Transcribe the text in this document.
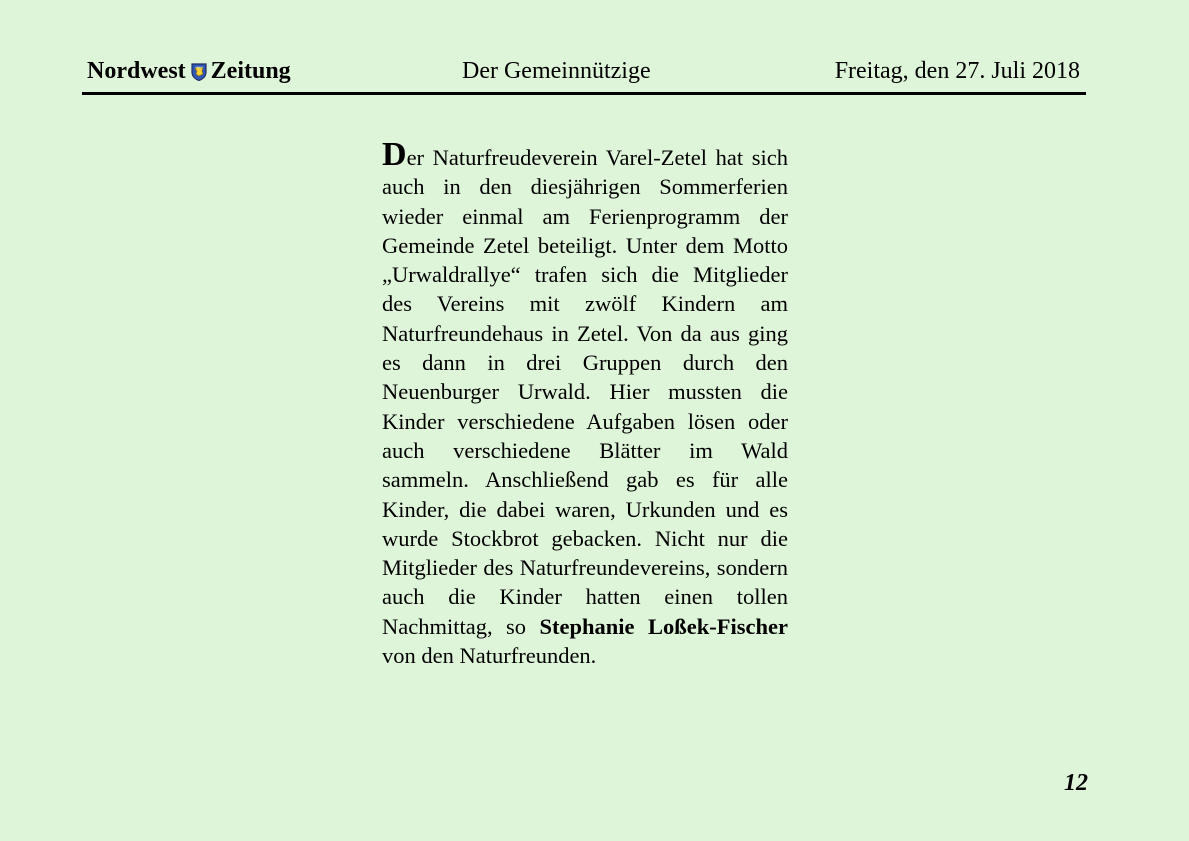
Nordwest Zeitung	Der Gemeinnützige	Freitag, den 27. Juli 2018
Der Naturfreudeverein Varel-Zetel hat sich auch in den diesjährigen Sommerferien wieder einmal am Ferienprogramm der Gemeinde Zetel beteiligt. Unter dem Motto „Urwaldrallye“ trafen sich die Mitglieder des Vereins mit zwölf Kindern am Naturfreundehaus in Zetel. Von da aus ging es dann in drei Gruppen durch den Neuenburger Urwald. Hier mussten die Kinder verschiedene Aufgaben lösen oder auch verschiedene Blätter im Wald sammeln. Anschließend gab es für alle Kinder, die dabei waren, Urkunden und es wurde Stockbrot gebacken. Nicht nur die Mitglieder des Naturfreundevereins, sondern auch die Kinder hatten einen tollen Nachmittag, so Stephanie Loßek-Fischer von den Naturfreunden.
12
